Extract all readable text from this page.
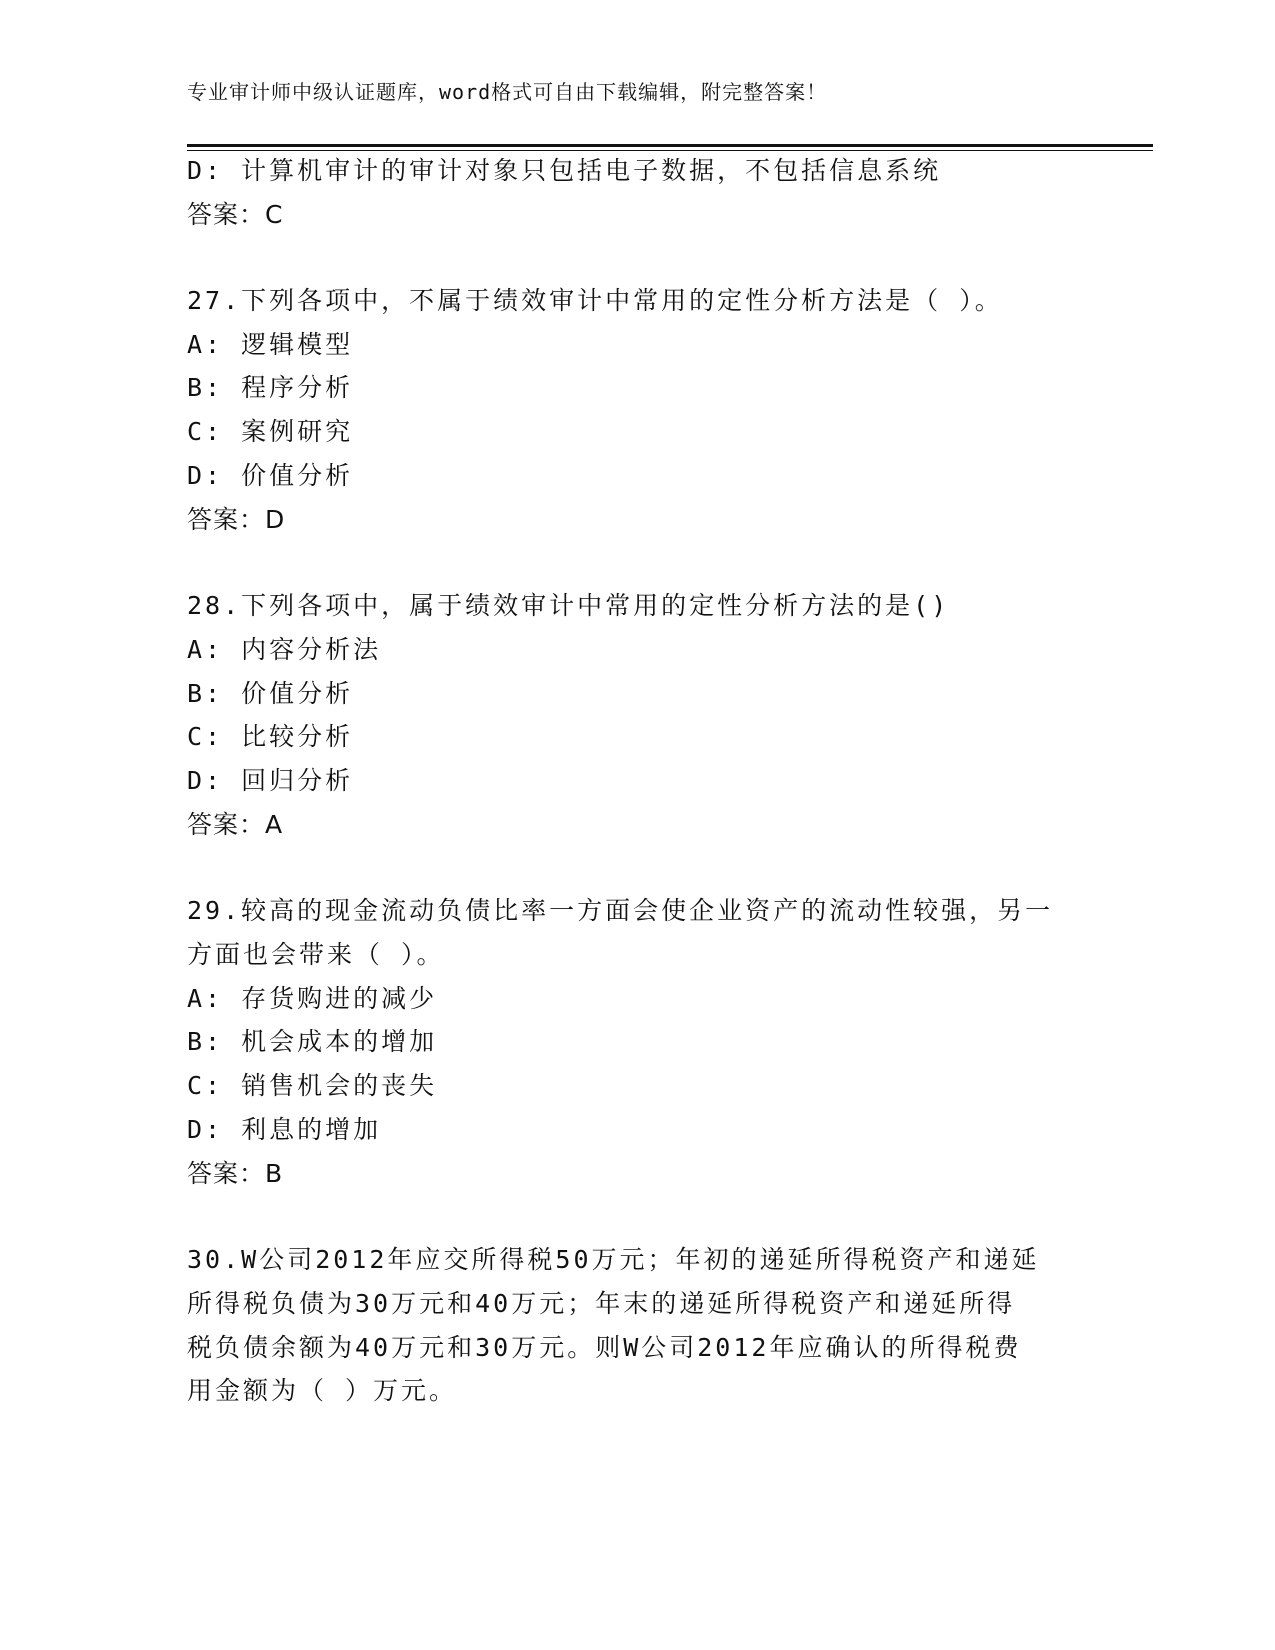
专业审计师中级认证题库，word格式可自由下载编辑，附完整答案！
D: 计算机审计的审计对象只包括电子数据，不包括信息系统
答案：C
27.下列各项中，不属于绩效审计中常用的定性分析方法是（ ）。
A: 逻辑模型
B: 程序分析
C: 案例研究
D: 价值分析
答案：D
28.下列各项中，属于绩效审计中常用的定性分析方法的是()
A: 内容分析法
B: 价值分析
C: 比较分析
D: 回归分析
答案：A
29.较高的现金流动负债比率一方面会使企业资产的流动性较强，另一
方面也会带来（ ）。
A: 存货购进的减少
B: 机会成本的增加
C: 销售机会的丧失
D: 利息的增加
答案：B
30.W公司2012年应交所得税50万元；年初的递延所得税资产和递延
所得税负债为30万元和40万元；年末的递延所得税资产和递延所得
税负债余额为40万元和30万元。则W公司2012年应确认的所得税费
用金额为（ ）万元。
